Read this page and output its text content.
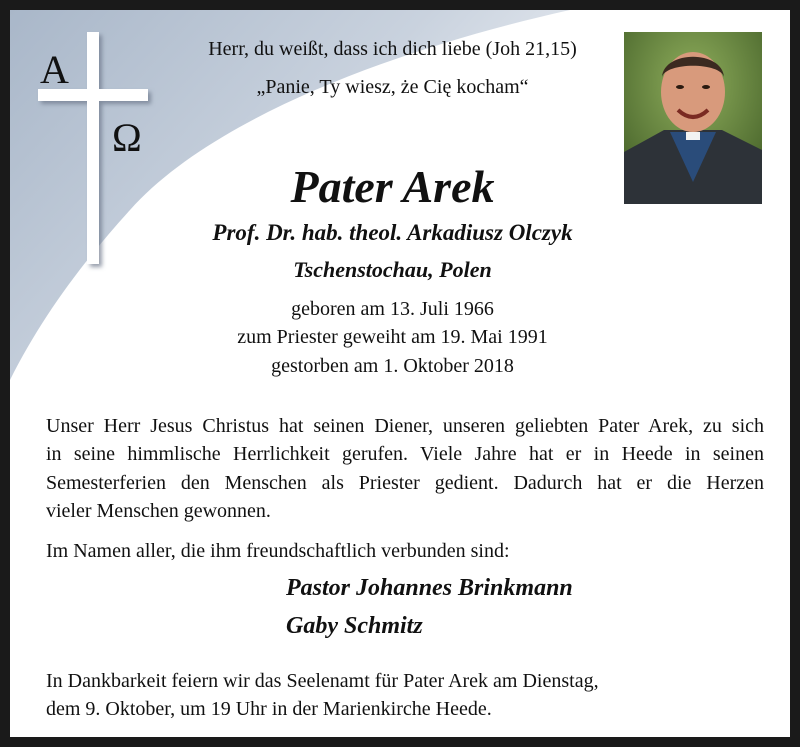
A
Ω
Herr, du weißt, dass ich dich liebe (Joh 21,15)
„Panie, Ty wiesz, że Cię kocham“
Pater Arek
Prof. Dr. hab. theol. Arkadiusz Olczyk
Tschenstochau, Polen
geboren am 13. Juli 1966
zum Priester geweiht am 19. Mai 1991
gestorben am 1. Oktober 2018
Unser Herr Jesus Christus hat seinen Diener, unseren geliebten Pater Arek, zu sich
in seine himmlische Herrlichkeit gerufen. Viele Jahre hat er in Heede in seinen
Semesterferien den Menschen als Priester gedient. Dadurch hat er die Herzen
vieler Menschen gewonnen.
Im Namen aller, die ihm freundschaftlich verbunden sind:
Pastor Johannes Brinkmann
Gaby Schmitz
In Dankbarkeit feiern wir das Seelenamt für Pater Arek am Dienstag,
dem 9. Oktober, um 19 Uhr in der Marienkirche Heede.
